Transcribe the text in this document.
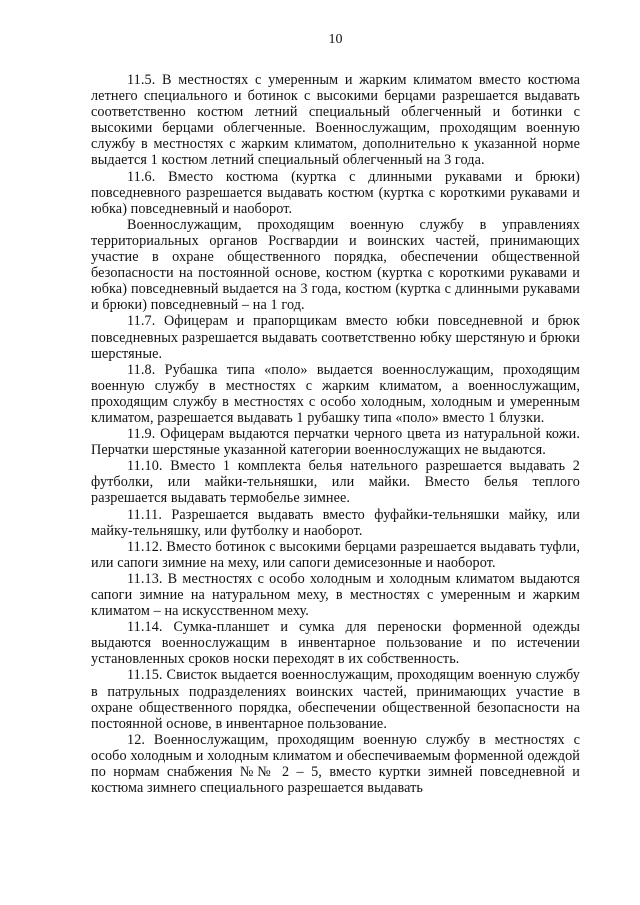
10

11.5. В местностях с умеренным и жарким климатом вместо костюма летнего специального и ботинок с высокими берцами разрешается выдавать соответственно костюм летний специальный облегченный и ботинки с высокими берцами облегченные. Военнослужащим, проходящим военную службу в местностях с жарким климатом, дополнительно к указанной норме выдается 1 костюм летний специальный облегченный на 3 года.

11.6. Вместо костюма (куртка с длинными рукавами и брюки) повседневного разрешается выдавать костюм (куртка с короткими рукавами и юбка) повседневный и наоборот.

Военнослужащим, проходящим военную службу в управлениях территориальных органов Росгвардии и воинских частей, принимающих участие в охране общественного порядка, обеспечении общественной безопасности на постоянной основе, костюм (куртка с короткими рукавами и юбка) повседневный выдается на 3 года, костюм (куртка с длинными рукавами и брюки) повседневный – на 1 год.

11.7. Офицерам и прапорщикам вместо юбки повседневной и брюк повседневных разрешается выдавать соответственно юбку шерстяную и брюки шерстяные.

11.8. Рубашка типа «поло» выдается военнослужащим, проходящим военную службу в местностях с жарким климатом, а военнослужащим, проходящим службу в местностях с особо холодным, холодным и умеренным климатом, разрешается выдавать 1 рубашку типа «поло» вместо 1 блузки.

11.9. Офицерам выдаются перчатки черного цвета из натуральной кожи. Перчатки шерстяные указанной категории военнослужащих не выдаются.

11.10. Вместо 1 комплекта белья нательного разрешается выдавать 2 футболки, или майки-тельняшки, или майки. Вместо белья теплого разрешается выдавать термобелье зимнее.

11.11. Разрешается выдавать вместо фуфайки-тельняшки майку, или майку-тельняшку, или футболку и наоборот.

11.12. Вместо ботинок с высокими берцами разрешается выдавать туфли, или сапоги зимние на меху, или сапоги демисезонные и наоборот.

11.13. В местностях с особо холодным и холодным климатом выдаются сапоги зимние на натуральном меху, в местностях с умеренным и жарким климатом – на искусственном меху.

11.14. Сумка-планшет и сумка для переноски форменной одежды выдаются военнослужащим в инвентарное пользование и по истечении установленных сроков носки переходят в их собственность.

11.15. Свисток выдается военнослужащим, проходящим военную службу в патрульных подразделениях воинских частей, принимающих участие в охране общественного порядка, обеспечении общественной безопасности на постоянной основе, в инвентарное пользование.

12. Военнослужащим, проходящим военную службу в местностях с особо холодным и холодным климатом и обеспечиваемым форменной одеждой по нормам снабжения №№ 2 – 5, вместо куртки зимней повседневной и костюма зимнего специального разрешается выдавать
